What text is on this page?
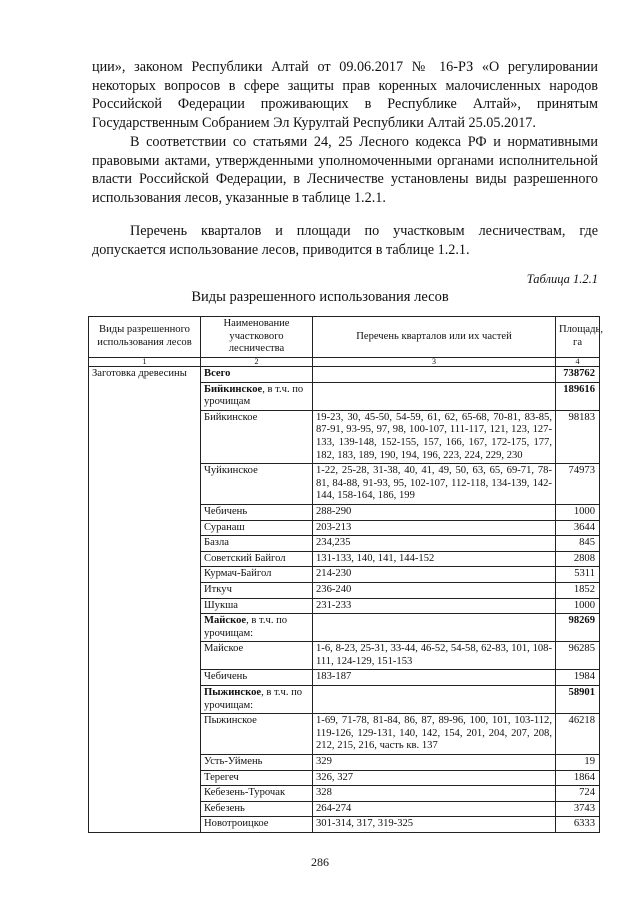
ции», законом Республики Алтай от 09.06.2017 № 16-РЗ «О регулировании некоторых вопросов в сфере защиты прав коренных малочисленных народов Российской Федерации проживающих в Республике Алтай», принятым Государственным Собранием Эл Курултай Республики Алтай 25.05.2017.

В соответствии со статьями 24, 25 Лесного кодекса РФ и нормативными правовыми актами, утвержденными уполномоченными органами исполнительной власти Российской Федерации, в Лесничестве установлены виды разрешенного использования лесов, указанные в таблице 1.2.1.

Перечень кварталов и площади по участковым лесничествам, где допускается использование лесов, приводится в таблице 1.2.1.

Таблица 1.2.1
Виды разрешенного использования лесов
Виды разрешенного использования лесов	Наименование участкового лесничества	Перечень кварталов или их частей	Площадь, га
1	2	3	4
Заготовка древесины	Всего		738762
	Бийкинское, в т.ч. по урочищам		189616
	Бийкинское	19-23, 30, 45-50, 54-59, 61, 62, 65-68, 70-81, 83-85, 87-91, 93-95, 97, 98, 100-107, 111-117, 121, 123, 127-133, 139-148, 152-155, 157, 166, 167, 172-175, 177, 182, 183, 189, 190, 194, 196, 223, 224, 229, 230	98183
	Чуйкинское	1-22, 25-28, 31-38, 40, 41, 49, 50, 63, 65, 69-71, 78-81, 84-88, 91-93, 95, 102-107, 112-118, 134-139, 142-144, 158-164, 186, 199	74973
	Чебичень	288-290	1000
	Суранаш	203-213	3644
	Базла	234,235	845
	Советский Байгол	131-133, 140, 141, 144-152	2808
	Курмач-Байгол	214-230	5311
	Иткуч	236-240	1852
	Шукша	231-233	1000
	Майское, в т.ч. по урочищам:		98269
	Майское	1-6, 8-23, 25-31, 33-44, 46-52, 54-58, 62-83, 101, 108-111, 124-129, 151-153	96285
	Чебичень	183-187	1984
	Пыжинское, в т.ч. по урочищам:		58901
	Пыжинское	1-69, 71-78, 81-84, 86, 87, 89-96, 100, 101, 103-112, 119-126, 129-131, 140, 142, 154, 201, 204, 207, 208, 212, 215, 216, часть кв. 137	46218
	Усть-Уймень	329	19
	Терегеч	326, 327	1864
	Кебезень-Турочак	328	724
	Кебезень	264-274	3743
	Новотроицкое	301-314, 317, 319-325	6333
286
